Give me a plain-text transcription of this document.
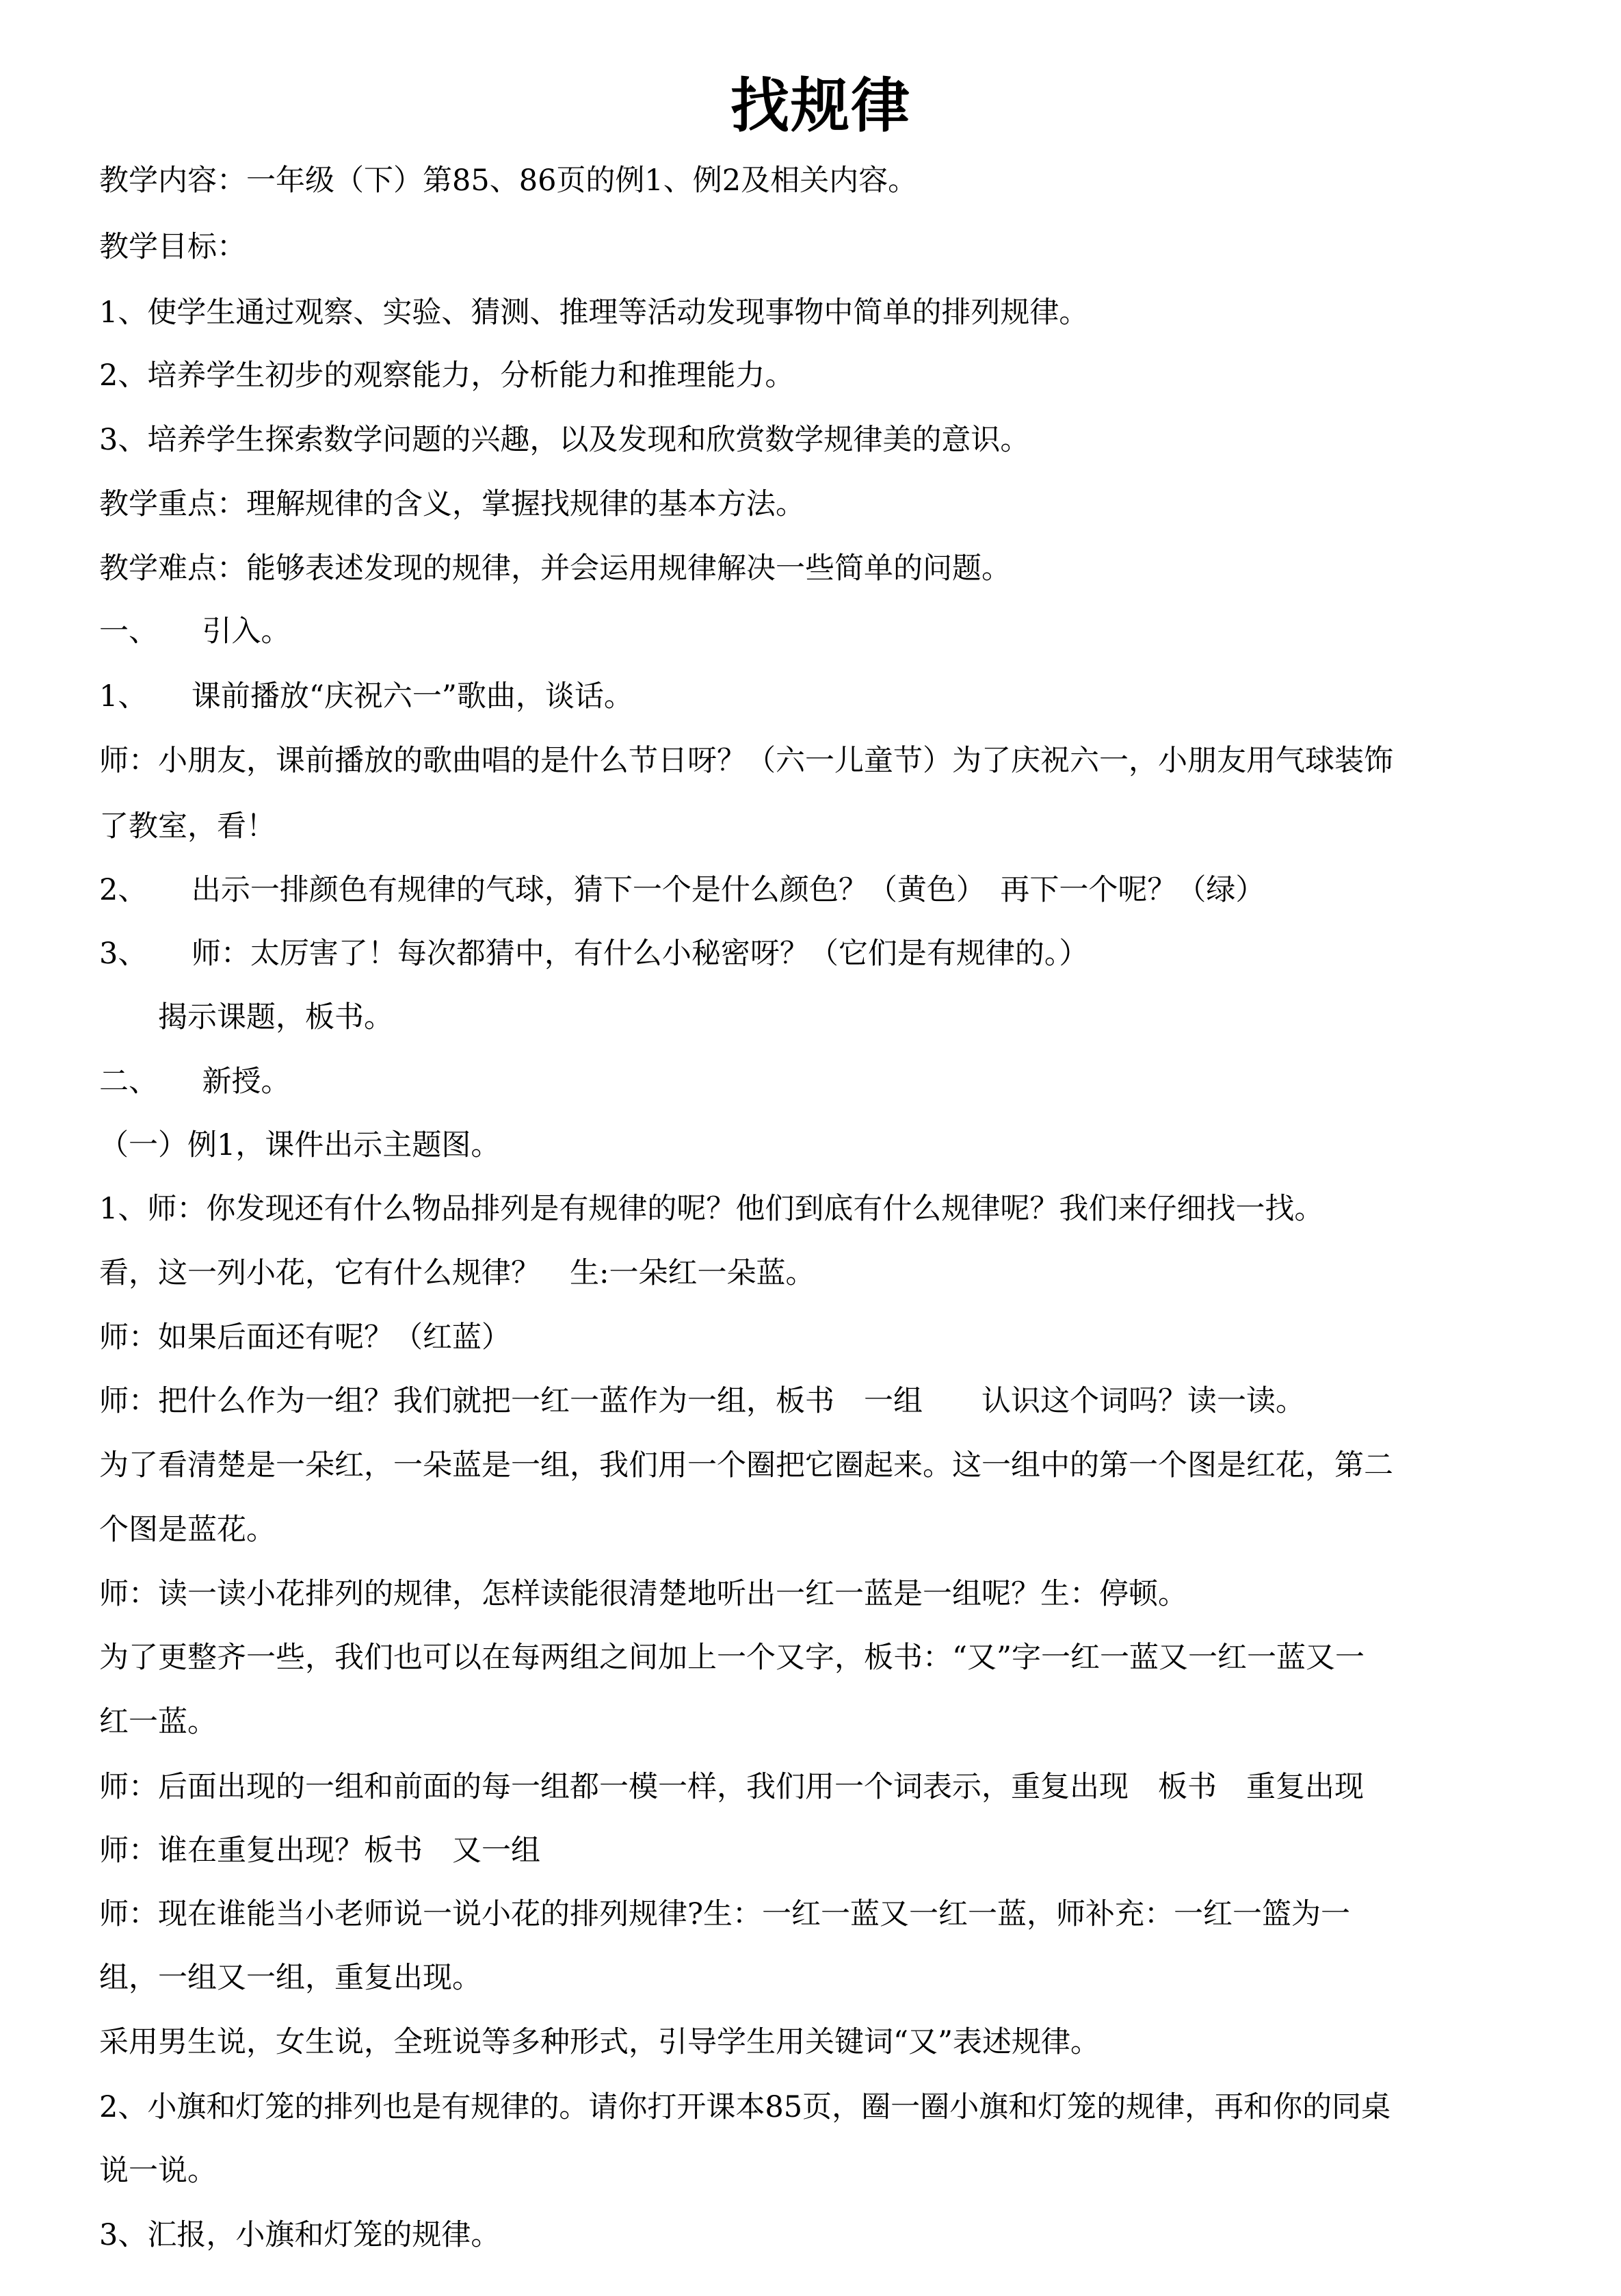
找规律
教学内容：一年级（下）第85、86页的例1、例2及相关内容。
教学目标：
1、使学生通过观察、实验、猜测、推理等活动发现事物中简单的排列规律。
2、培养学生初步的观察能力，分析能力和推理能力。
3、培养学生探索数学问题的兴趣，以及发现和欣赏数学规律美的意识。
教学重点：理解规律的含义，掌握找规律的基本方法。
教学难点：能够表述发现的规律，并会运用规律解决一些简单的问题。
一、　　引入。
1、　　课前播放“庆祝六一”歌曲，谈话。
师：小朋友，课前播放的歌曲唱的是什么节日呀？（六一儿童节）为了庆祝六一，小朋友用气球装饰
了教室，看！
2、　　出示一排颜色有规律的气球，猜下一个是什么颜色？（黄色）　再下一个呢？（绿）
3、　　师：太厉害了！每次都猜中，有什么小秘密呀？（它们是有规律的。）
　　揭示课题，板书。
二、　　新授。
（一）例1，课件出示主题图。
1、师：你发现还有什么物品排列是有规律的呢？他们到底有什么规律呢？我们来仔细找一找。
看，这一列小花，它有什么规律？　生:一朵红一朵蓝。
师：如果后面还有呢？（红蓝）
师：把什么作为一组？我们就把一红一蓝作为一组，板书　一组　　认识这个词吗？读一读。
为了看清楚是一朵红，一朵蓝是一组，我们用一个圈把它圈起来。这一组中的第一个图是红花，第二
个图是蓝花。
师：读一读小花排列的规律，怎样读能很清楚地听出一红一蓝是一组呢？生：停顿。
为了更整齐一些，我们也可以在每两组之间加上一个又字，板书：“又”字一红一蓝又一红一蓝又一
红一蓝。
师：后面出现的一组和前面的每一组都一模一样，我们用一个词表示，重复出现　板书　重复出现
师：谁在重复出现？板书　又一组
师：现在谁能当小老师说一说小花的排列规律?生：一红一蓝又一红一蓝，师补充：一红一篮为一
组，一组又一组，重复出现。
采用男生说，女生说，全班说等多种形式，引导学生用关键词“又”表述规律。
2、小旗和灯笼的排列也是有规律的。请你打开课本85页，圈一圈小旗和灯笼的规律，再和你的同桌
说一说。
3、汇报，小旗和灯笼的规律。
